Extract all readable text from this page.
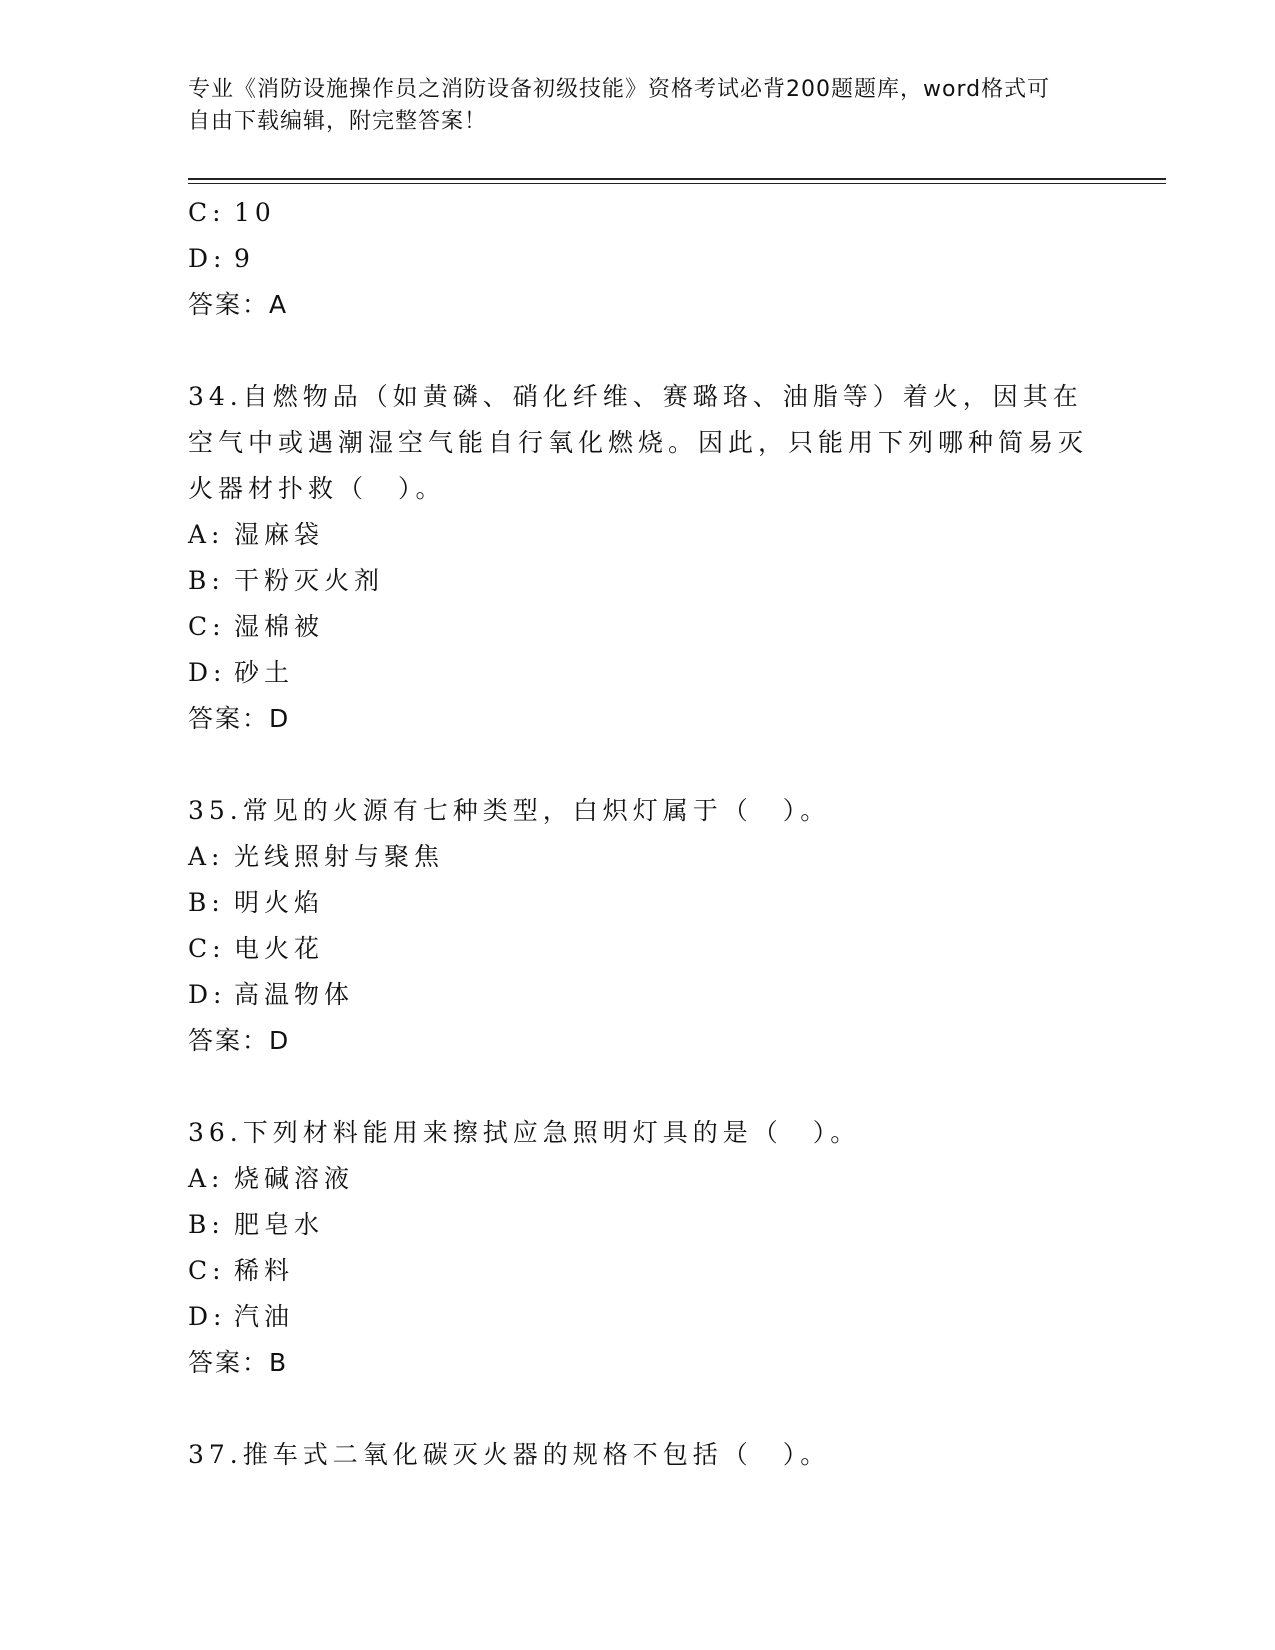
专业《消防设施操作员之消防设备初级技能》资格考试必背200题题库，word格式可自由下载编辑，附完整答案！
C: 10
D: 9
答案：A
34.自燃物品（如黄磷、硝化纤维、赛璐珞、油脂等）着火，因其在空气中或遇潮湿空气能自行氧化燃烧。因此，只能用下列哪种简易灭火器材扑救（　）。
A: 湿麻袋
B: 干粉灭火剂
C: 湿棉被
D: 砂土
答案：D
35.常见的火源有七种类型，白炽灯属于（　）。
A: 光线照射与聚焦
B: 明火焰
C: 电火花
D: 高温物体
答案：D
36.下列材料能用来擦拭应急照明灯具的是（　）。
A: 烧碱溶液
B: 肥皂水
C: 稀料
D: 汽油
答案：B
37.推车式二氧化碳灭火器的规格不包括（　）。
